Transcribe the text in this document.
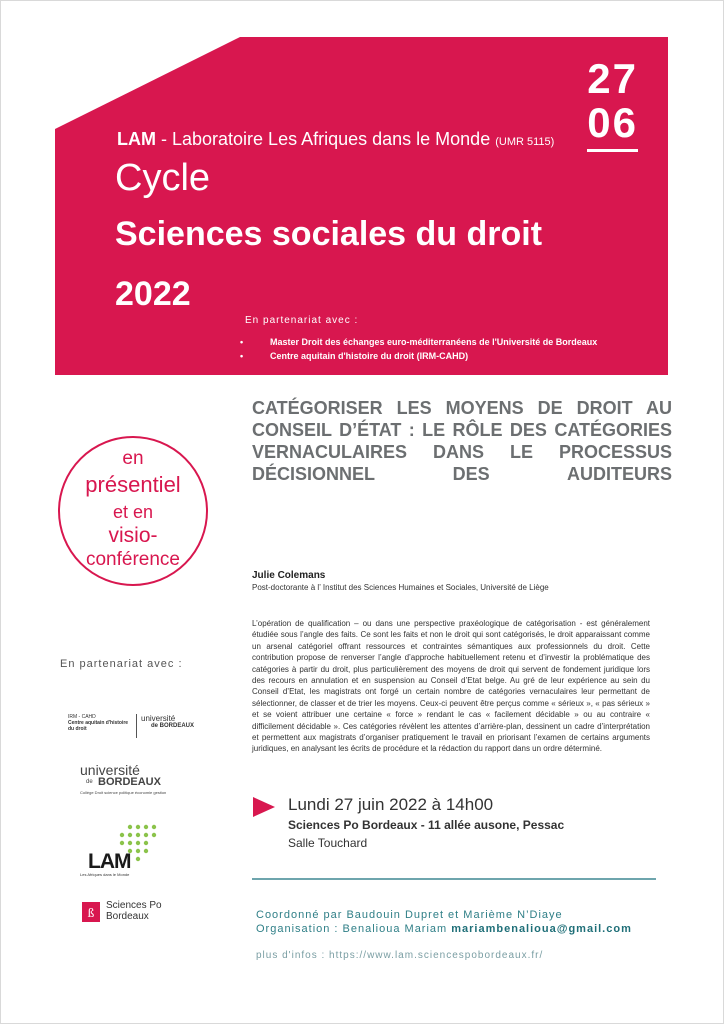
27

06
LAM - Laboratoire Les Afriques dans le Monde (UMR 5115)
Cycle
Sciences sociales du droit
2022
En partenariat avec :
• Master Droit des échanges euro-méditerranéens de l'Université de Bordeaux
• Centre aquitain d'histoire du droit (IRM-CAHD)
CATÉGORISER LES MOYENS DE DROIT AU CONSEIL D’ÉTAT : LE RÔLE DES CATÉGORIES VERNACULAIRES DANS LE PROCESSUS DÉCISIONNEL DES AUDITEURS
en
présentiel
et en
visio-
conférence
Julie Colemans
Post-doctorante à l’ Institut des Sciences Humaines et Sociales, Université de Liège
L’opération de qualification – ou dans une perspective praxéologique de catégorisation - est généralement étudiée sous l’angle des faits. Ce sont les faits et non le droit qui sont catégorisés, le droit apparaissant comme un arsenal catégoriel offrant ressources et contraintes sémantiques aux professionnels du droit. Cette contribution propose de renverser l’angle d’approche habituellement retenu et d’investir la problématique des catégories à partir du droit, plus particulièrement des moyens de droit qui servent de fondement juridique lors des recours en annulation et en suspension au Conseil d’Etat belge. Au gré de leur expérience au sein du Conseil d’Etat, les magistrats ont forgé un certain nombre de catégories vernaculaires leur permettant de sélectionner, de classer et de trier les moyens. Ceux-ci peuvent être perçus comme « sérieux », « pas sérieux » et se voient attribuer une certaine « force » rendant le cas « facilement décidable » ou au contraire « difficilement décidable ». Ces catégories révèlent les attentes d’arrière-plan, dessinent un cadre d’interprétation et permettent aux magistrats d’organiser pratiquement le travail en priorisant l’examen de certains arguments juridiques, en analysant les écrits de procédure et la rédaction du rapport dans un ordre déterminé.
En partenariat avec :
IRM - CAHD
Centre aquitain d'histoire du droit
université
de BORDEAUX
université
de BORDEAUX
Collège Droit science politique économie gestion
LAM
Les Afriques dans le Monde
ß Sciences Po
Bordeaux
Lundi 27 juin 2022 à 14h00
Sciences Po Bordeaux - 11 allée ausone, Pessac
Salle Touchard
Coordonné par Baudouin Dupret et Marième N’Diaye
Organisation : Benalioua Mariam mariambenalioua@gmail.com
plus d'infos : https://www.lam.sciencespobordeaux.fr/
